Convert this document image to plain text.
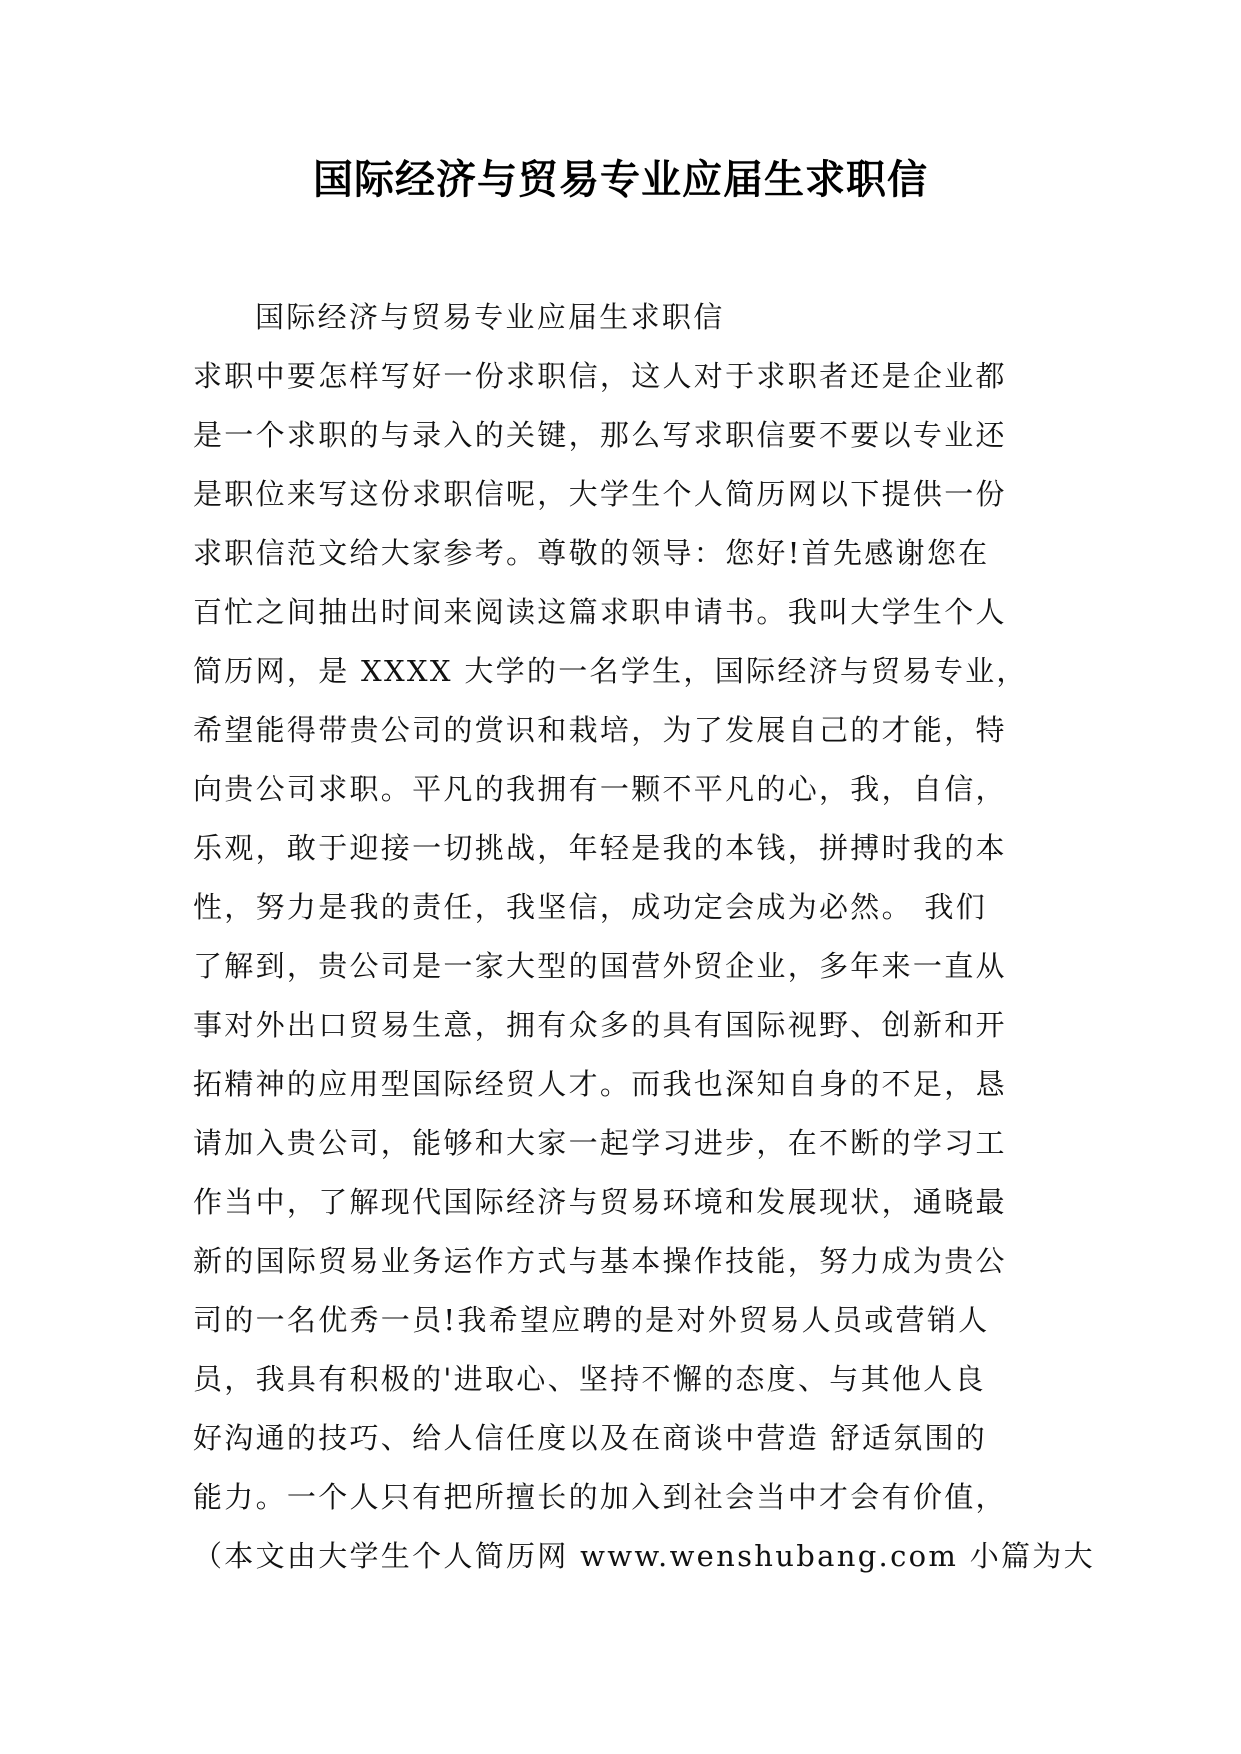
国际经济与贸易专业应届生求职信

国际经济与贸易专业应届生求职信

求职中要怎样写好一份求职信，这人对于求职者还是企业都

是一个求职的与录入的关键，那么写求职信要不要以专业还

是职位来写这份求职信呢，大学生个人简历网以下提供一份

求职信范文给大家参考。尊敬的领导：您好!首先感谢您在

百忙之间抽出时间来阅读这篇求职申请书。我叫大学生个人

简历网，是 XXXX 大学的一名学生，国际经济与贸易专业，

希望能得带贵公司的赏识和栽培，为了发展自己的才能，特

向贵公司求职。平凡的我拥有一颗不平凡的心，我，自信，

乐观，敢于迎接一切挑战，年轻是我的本钱，拼搏时我的本

性，努力是我的责任，我坚信，成功定会成为必然。 我们

了解到，贵公司是一家大型的国营外贸企业，多年来一直从

事对外出口贸易生意，拥有众多的具有国际视野、创新和开

拓精神的应用型国际经贸人才。而我也深知自身的不足，恳

请加入贵公司，能够和大家一起学习进步，在不断的学习工

作当中，了解现代国际经济与贸易环境和发展现状，通晓最

新的国际贸易业务运作方式与基本操作技能，努力成为贵公

司的一名优秀一员!我希望应聘的是对外贸易人员或营销人

员，我具有积极的'进取心、坚持不懈的态度、与其他人良

好沟通的技巧、给人信任度以及在商谈中营造 舒适氛围的

能力。一个人只有把所擅长的加入到社会当中才会有价值，

（本文由大学生个人简历网 www.wenshubang.com 小篇为大
